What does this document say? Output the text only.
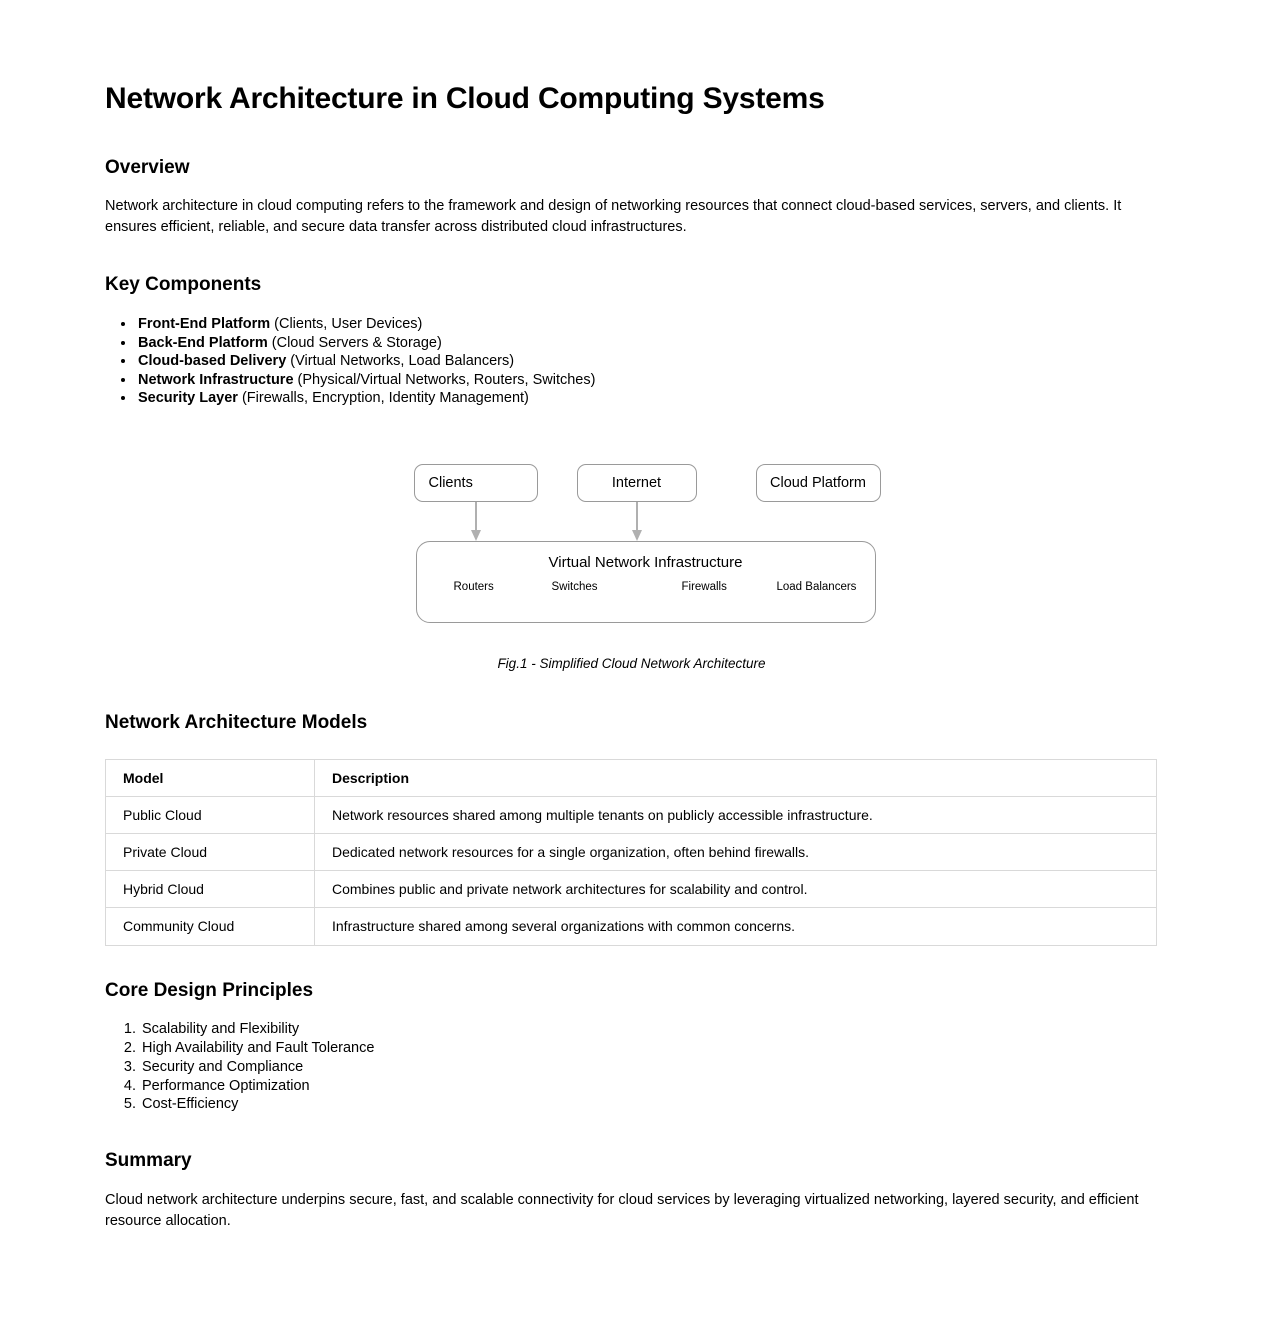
Network Architecture in Cloud Computing Systems
Overview

Network architecture in cloud computing refers to the framework and design of networking resources that connect cloud-based services, servers, and clients. It ensures efficient, reliable, and secure data transfer across distributed cloud infrastructures.

Key Components
• Front-End Platform (Clients, User Devices)
• Back-End Platform (Cloud Servers & Storage)
• Cloud-based Delivery (Virtual Networks, Load Balancers)
• Network Infrastructure (Physical/Virtual Networks, Routers, Switches)
• Security Layer (Firewalls, Encryption, Identity Management)
Clients	Internet	Cloud Platform
Virtual Network Infrastructure
Routers	Switches	Firewalls	Load Balancers
Fig.1 - Simplified Cloud Network Architecture
Network Architecture Models
Model	Description
Public Cloud	Network resources shared among multiple tenants on publicly accessible infrastructure.
Private Cloud	Dedicated network resources for a single organization, often behind firewalls.
Hybrid Cloud	Combines public and private network architectures for scalability and control.
Community Cloud	Infrastructure shared among several organizations with common concerns.
Core Design Principles
1. Scalability and Flexibility
2. High Availability and Fault Tolerance
3. Security and Compliance
4. Performance Optimization
5. Cost-Efficiency
Summary

Cloud network architecture underpins secure, fast, and scalable connectivity for cloud services by leveraging virtualized networking, layered security, and efficient resource allocation.
